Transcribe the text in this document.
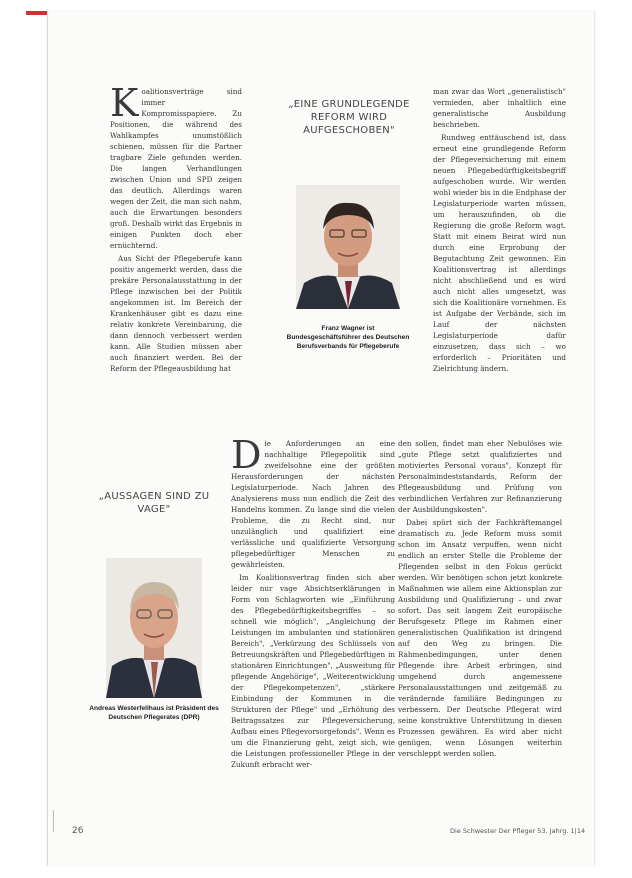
K oalitionsverträge sind immer Kompromisspapiere. Zu Positionen, die während des Wahlkampfes unumstößlich schienen, müssen für die Partner tragbare Ziele gefunden werden. Die langen Verhandlungen zwischen Union und SPD zeigen das deutlich. Allerdings waren wegen der Zeit, die man sich nahm, auch die Erwartungen besonders groß. Deshalb wirkt das Ergebnis in einigen Punkten doch eher ernüchternd.

Aus Sicht der Pflegeberufe kann positiv angemerkt werden, dass die prekäre Personalausstattung in der Pflege inzwischen bei der Politik angekommen ist. Im Bereich der Krankenhäuser gibt es dazu eine relativ konkrete Vereinbarung, die dann dennoch verbessert werden kann. Alle Studien müssen aber auch finanziert werden. Bei der Reform der Pflegeausbildung hat

„EINE GRUNDLEGENDE REFORM WIRD AUFGESCHOBEN"
Franz Wagner ist Bundesgeschäftsführer des Deutschen Berufsverbands für Pflegeberufe

man zwar das Wort „generalistisch" vermieden, aber inhaltlich eine generalistische Ausbildung beschrieben.

Rundweg enttäuschend ist, dass erneut eine grundlegende Reform der Pflegeversicherung mit einem neuen Pflegebedürftigkeitsbegriff aufgeschoben wurde. Wir werden wohl wieder bis in die Endphase der Legislaturperiode warten müssen, um herauszufinden, ob die Regierung die große Reform wagt. Statt mit einem Beirat wird nun durch eine Erprobung der Begutachtung Zeit gewonnen. Ein Koalitionsvertrag ist allerdings nicht abschließend und es wird auch nicht alles umgesetzt, was sich die Koalitionäre vornehmen. Es ist Aufgabe der Verbände, sich im Lauf der nächsten Legislaturperiode dafür einzusetzen, dass sich – wo erforderlich – Prioritäten und Zielrichtung ändern.

„AUSSAGEN SIND ZU VAGE"
Andreas Westerfellhaus ist Präsident des Deutschen Pflegerates (DPR)
D ie Anforderungen an eine nachhaltige Pflegepolitik sind zweifelsohne eine der größten Herausforderungen der nächsten Legislaturperiode. Nach Jahren des Analysierens muss nun endlich die Zeit des Handelns kommen. Zu lange sind die vielen Probleme, die zu Recht sind, nur unzulänglich und qualifiziert eine verlässliche und qualifizierte Versorgung pflegebedürftiger Menschen zu gewährleisten.

Im Koalitionsvertrag finden sich aber leider nur vage Absichtserklärungen in Form von Schlagworten wie „Einführung des Pflegebedürftigkeitsbegriffes – so schnell wie möglich", „Angleichung der Leistungen im ambulanten und stationären Bereich", „Verkürzung des Schlüssels von Betreuungskräften und Pflegebedürftigen in stationären Einrichtungen", „Ausweitung für pflegende Angehörige", „Weiterentwicklung der Pflegekompetenzen", „stärkere Einbindung der Kommunen in die Strukturen der Pflege" und „Erhöhung des Beitragssatzes zur Pflegeversicherung, Aufbau eines Pflegevorsorgefonds". Wenn es um die Finanzierung geht, zeigt sich, wie die Leistungen professioneller Pflege in der Zukunft erbracht wer-

den sollen, findet man eher Nebulöses wie „gute Pflege setzt qualifiziertes und motiviertes Personal voraus", Konzept für Personalmindeststandards, Reform der Pflegeausbildung und Prüfung von verbindlichen Verfahren zur Refinanzierung der Ausbildungskosten".

Dabei spürt sich der Fachkräftemangel dramatisch zu. Jede Reform muss somit schon im Ansatz verpuffen, wenn nicht endlich an erster Stelle die Probleme der Pflegenden selbst in den Fokus gerückt werden. Wir benötigen schon jetzt konkrete Maßnahmen wie allem eine Aktionsplan zur Ausbildung und Qualifizierung – und zwar sofort. Das seit langem Zeit europäische Berufsgesetz Pflege im Rahmen einer generalistischen Qualifikation ist dringend auf den Weg zu bringen. Die Rahmenbedingungen, unter denen Pflegende ihre Arbeit erbringen, sind umgehend durch angemessene Personalausstattungen und zeitgemäß zu verändernde familiäre Bedingungen zu verbessern. Der Deutsche Pflegerat wird seine konstruktive Unterstützung in diesen Prozessen gewähren. Es wird aber nicht genügen, wenn Lösungen weiterhin verschleppt werden sollen.

26	Die Schwester Der Pfleger 53. Jahrg. 1|14
